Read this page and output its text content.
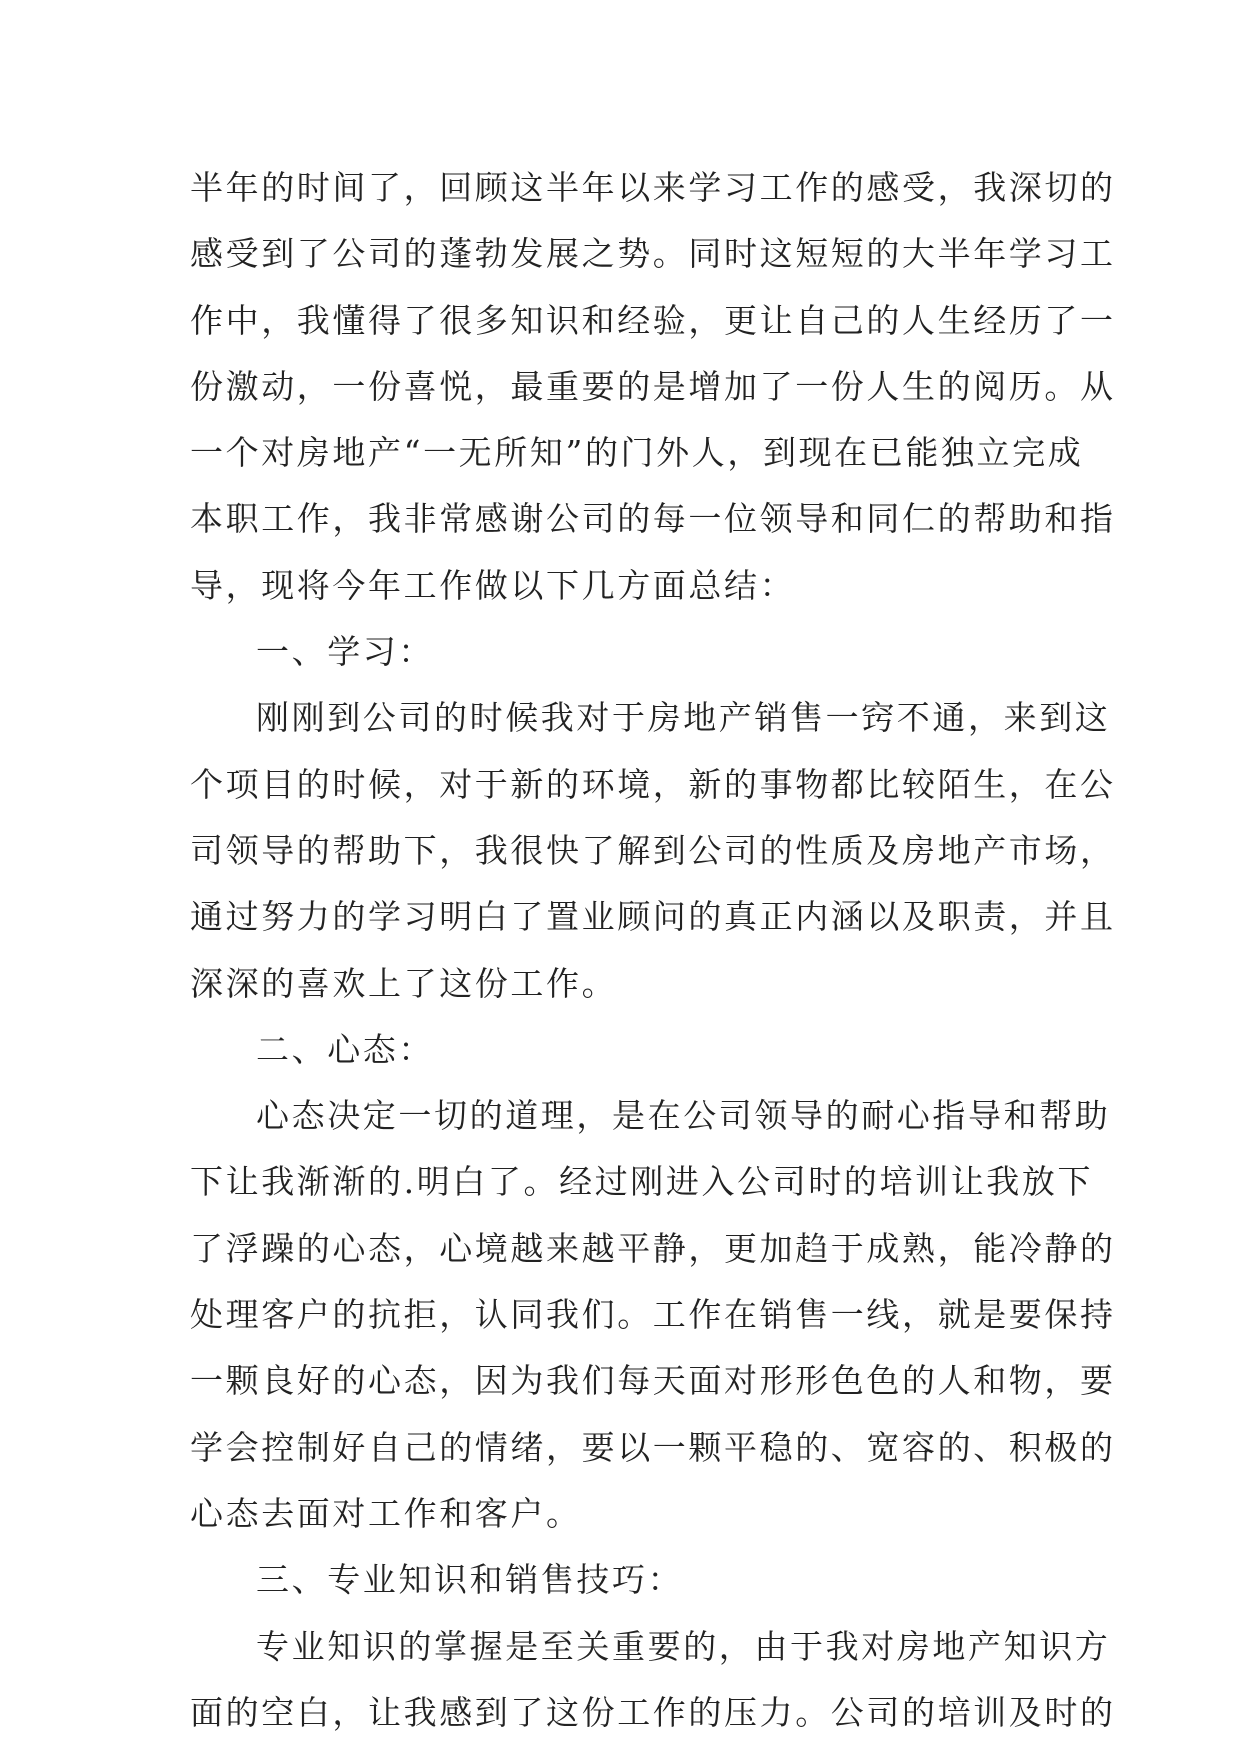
半年的时间了，回顾这半年以来学习工作的感受，我深切的
感受到了公司的蓬勃发展之势。同时这短短的大半年学习工
作中，我懂得了很多知识和经验，更让自己的人生经历了一
份激动，一份喜悦，最重要的是增加了一份人生的阅历。从
一个对房地产“一无所知”的门外人，到现在已能独立完成
本职工作，我非常感谢公司的每一位领导和同仁的帮助和指
导，现将今年工作做以下几方面总结：
一、学习：
刚刚到公司的时候我对于房地产销售一窍不通，来到这
个项目的时候，对于新的环境，新的事物都比较陌生，在公
司领导的帮助下，我很快了解到公司的性质及房地产市场，
通过努力的学习明白了置业顾问的真正内涵以及职责，并且
深深的喜欢上了这份工作。
二、心态：
心态决定一切的道理，是在公司领导的耐心指导和帮助
下让我渐渐的.明白了。经过刚进入公司时的培训让我放下
了浮躁的心态，心境越来越平静，更加趋于成熟，能冷静的
处理客户的抗拒，认同我们。工作在销售一线，就是要保持
一颗良好的心态，因为我们每天面对形形色色的人和物，要
学会控制好自己的情绪，要以一颗平稳的、宽容的、积极的
心态去面对工作和客户。
三、专业知识和销售技巧：
专业知识的掌握是至关重要的，由于我对房地产知识方
面的空白，让我感到了这份工作的压力。公司的培训及时的
